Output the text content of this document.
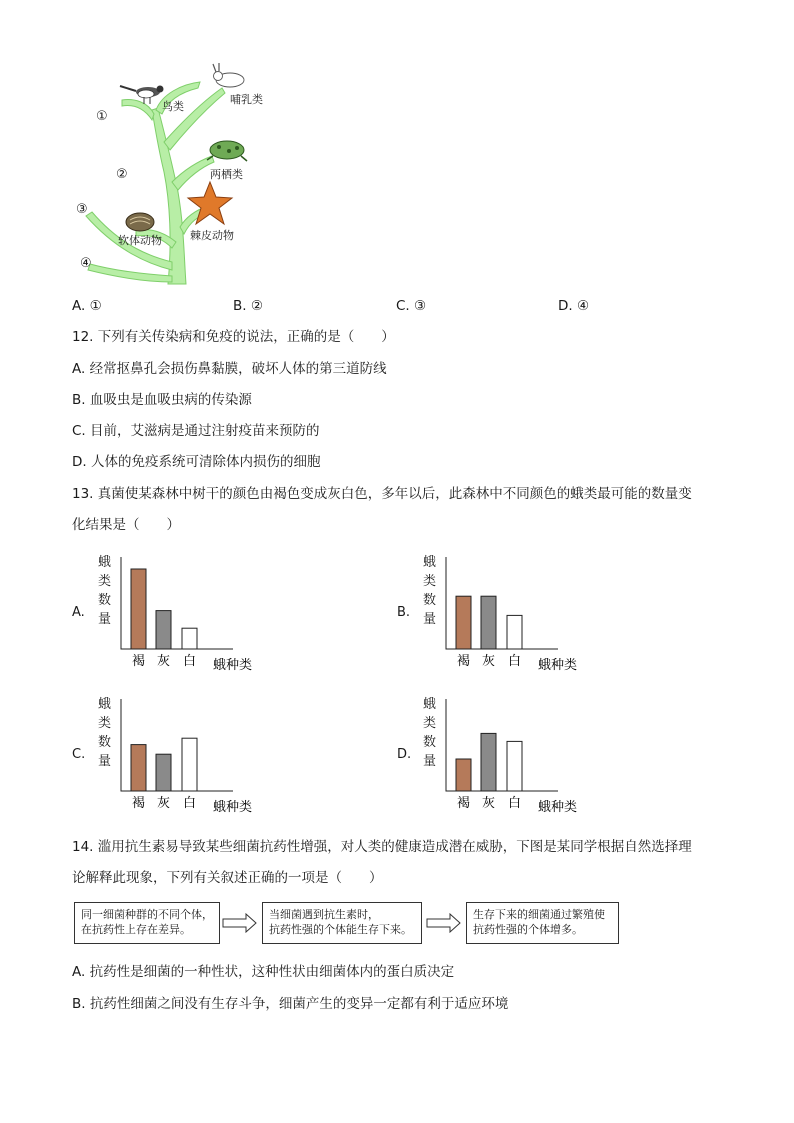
鸟类
哺乳类
两栖类
软体动物	棘皮动物
①
②
③
④
A. ①	B. ②	C. ③	D. ④
12. 下列有关传染病和免疫的说法，正确的是（　　）
A. 经常抠鼻孔会损伤鼻黏膜，破坏人体的第三道防线
B. 血吸虫是血吸虫病的传染源
C. 目前，艾滋病是通过注射疫苗来预防的
D. 人体的免疫系统可清除体内损伤的细胞
13. 真菌使某森林中树干的颜色由褐色变成灰白色，多年以后，此森林中不同颜色的蛾类最可能的数量变
化结果是（　　）
A.
蛾类数量
褐 灰 白 蛾种类
B.
蛾类数量
褐 灰 白 蛾种类
C.
蛾类数量
褐 灰 白 蛾种类
D.
蛾类数量
褐 灰 白 蛾种类
14. 滥用抗生素易导致某些细菌抗药性增强，对人类的健康造成潜在威胁，下图是某同学根据自然选择理
论解释此现象，下列有关叙述正确的一项是（　　）
同一细菌种群的不同个体，
在抗药性上存在差异。
当细菌遇到抗生素时，
抗药性强的个体能生存下来。
生存下来的细菌通过繁殖使
抗药性强的个体增多。
A. 抗药性是细菌的一种性状，这种性状由细菌体内的蛋白质决定
B. 抗药性细菌之间没有生存斗争，细菌产生的变异一定都有利于适应环境
